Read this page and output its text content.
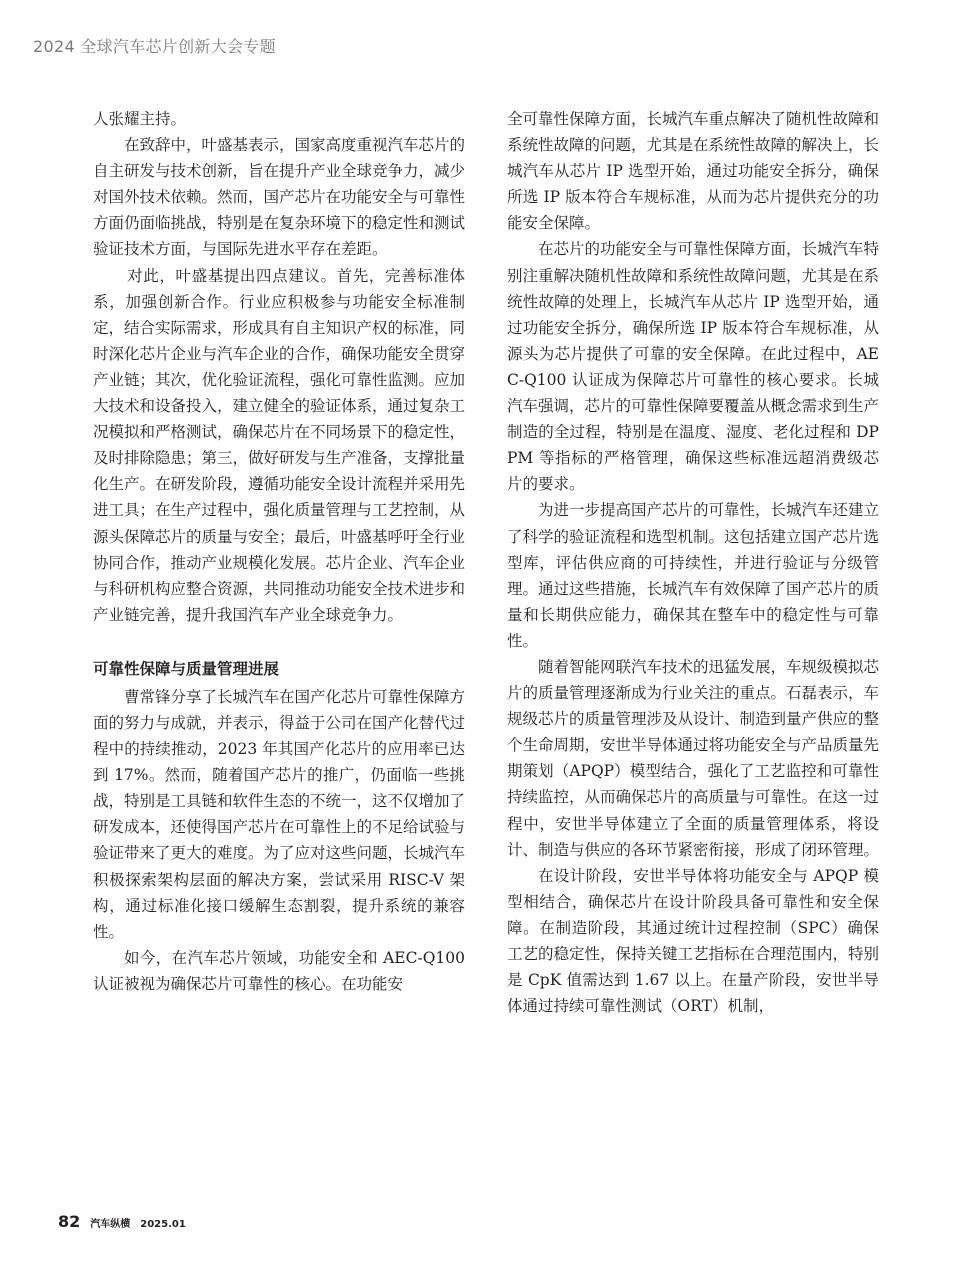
2024 全球汽车芯片创新大会专题

人张耀主持。

在致辞中，叶盛基表示，国家高度重视汽车芯片的自主研发与技术创新，旨在提升产业全球竞争力，减少对国外技术依赖。然而，国产芯片在功能安全与可靠性方面仍面临挑战，特别是在复杂环境下的稳定性和测试验证技术方面，与国际先进水平存在差距。

对此，叶盛基提出四点建议。首先，完善标准体系，加强创新合作。行业应积极参与功能安全标准制定，结合实际需求，形成具有自主知识产权的标准，同时深化芯片企业与汽车企业的合作，确保功能安全贯穿产业链；其次，优化验证流程，强化可靠性监测。应加大技术和设备投入，建立健全的验证体系，通过复杂工况模拟和严格测试，确保芯片在不同场景下的稳定性，及时排除隐患；第三，做好研发与生产准备，支撑批量化生产。在研发阶段，遵循功能安全设计流程并采用先进工具；在生产过程中，强化质量管理与工艺控制，从源头保障芯片的质量与安全；最后，叶盛基呼吁全行业协同合作，推动产业规模化发展。芯片企业、汽车企业与科研机构应整合资源，共同推动功能安全技术进步和产业链完善，提升我国汽车产业全球竞争力。

可靠性保障与质量管理进展

曹常锋分享了长城汽车在国产化芯片可靠性保障方面的努力与成就，并表示，得益于公司在国产化替代过程中的持续推动，2023 年其国产化芯片的应用率已达到 17%。然而，随着国产芯片的推广，仍面临一些挑战，特别是工具链和软件生态的不统一，这不仅增加了研发成本，还使得国产芯片在可靠性上的不足给试验与验证带来了更大的难度。为了应对这些问题，长城汽车积极探索架构层面的解决方案，尝试采用 RISC-V 架构，通过标准化接口缓解生态割裂，提升系统的兼容性。

如今，在汽车芯片领域，功能安全和 AEC-Q100 认证被视为确保芯片可靠性的核心。在功能安

全可靠性保障方面，长城汽车重点解决了随机性故障和系统性故障的问题，尤其是在系统性故障的解决上，长城汽车从芯片 IP 选型开始，通过功能安全拆分，确保所选 IP 版本符合车规标准，从而为芯片提供充分的功能安全保障。

在芯片的功能安全与可靠性保障方面，长城汽车特别注重解决随机性故障和系统性故障问题，尤其是在系统性故障的处理上，长城汽车从芯片 IP 选型开始，通过功能安全拆分，确保所选 IP 版本符合车规标准，从源头为芯片提供了可靠的安全保障。在此过程中，AEC-Q100 认证成为保障芯片可靠性的核心要求。长城汽车强调，芯片的可靠性保障要覆盖从概念需求到生产制造的全过程，特别是在温度、湿度、老化过程和 DPPM 等指标的严格管理，确保这些标准远超消费级芯片的要求。

为进一步提高国产芯片的可靠性，长城汽车还建立了科学的验证流程和选型机制。这包括建立国产芯片选型库，评估供应商的可持续性，并进行验证与分级管理。通过这些措施，长城汽车有效保障了国产芯片的质量和长期供应能力，确保其在整车中的稳定性与可靠性。

随着智能网联汽车技术的迅猛发展，车规级模拟芯片的质量管理逐渐成为行业关注的重点。石磊表示，车规级芯片的质量管理涉及从设计、制造到量产供应的整个生命周期，安世半导体通过将功能安全与产品质量先期策划（APQP）模型结合，强化了工艺监控和可靠性持续监控，从而确保芯片的高质量与可靠性。在这一过程中，安世半导体建立了全面的质量管理体系，将设计、制造与供应的各环节紧密衔接，形成了闭环管理。

在设计阶段，安世半导体将功能安全与 APQP 模型相结合，确保芯片在设计阶段具备可靠性和安全保障。在制造阶段，其通过统计过程控制（SPC）确保工艺的稳定性，保持关键工艺指标在合理范围内，特别是 CpK 值需达到 1.67 以上。在量产阶段，安世半导体通过持续可靠性测试（ORT）机制，

82 汽车纵横 2025.01
